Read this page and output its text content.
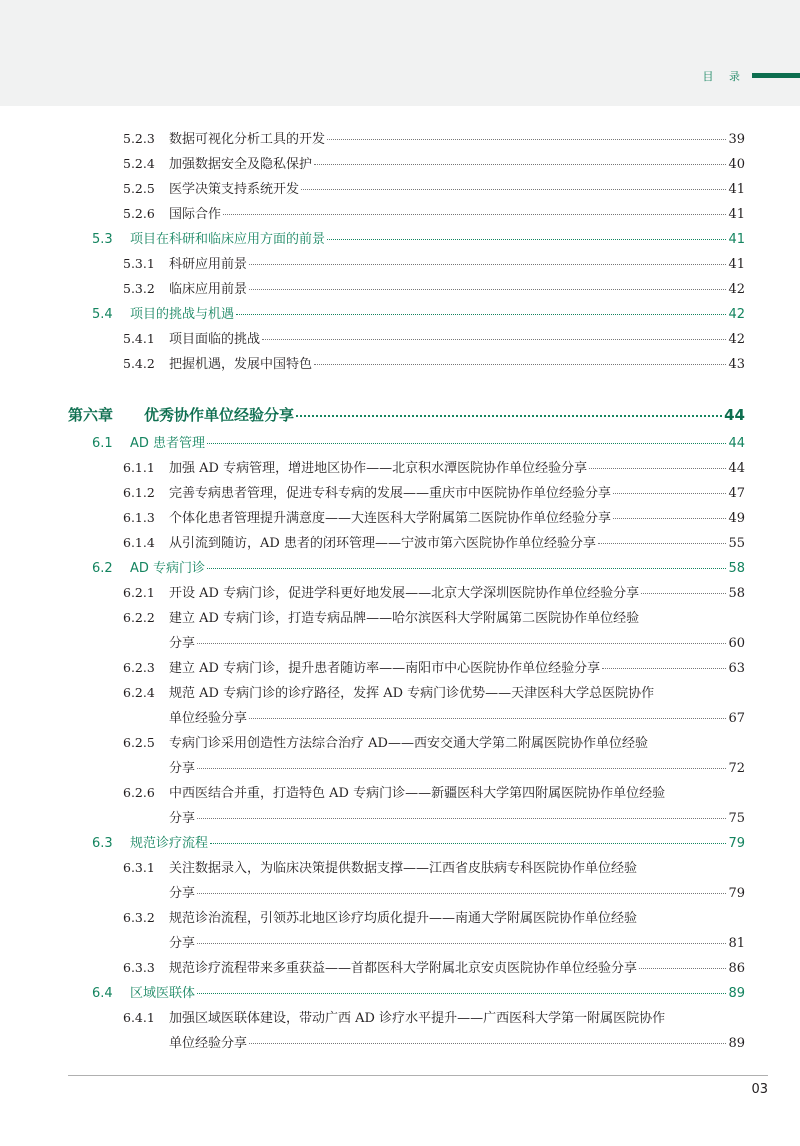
目 录
5.2.3	数据可视化分析工具的开发	39
5.2.4	加强数据安全及隐私保护	40
5.2.5	医学决策支持系统开发	41
5.2.6	国际合作	41
5.3	项目在科研和临床应用方面的前景	41
5.3.1	科研应用前景	41
5.3.2	临床应用前景	42
5.4	项目的挑战与机遇	42
5.4.1	项目面临的挑战	42
5.4.2	把握机遇，发展中国特色	43
第六章	优秀协作单位经验分享	44
6.1	AD 患者管理	44
6.1.1	加强 AD 专病管理，增进地区协作——北京积水潭医院协作单位经验分享	44
6.1.2	完善专病患者管理，促进专科专病的发展——重庆市中医院协作单位经验分享	47
6.1.3	个体化患者管理提升满意度——大连医科大学附属第二医院协作单位经验分享	49
6.1.4	从引流到随访，AD 患者的闭环管理——宁波市第六医院协作单位经验分享	55
6.2	AD 专病门诊	58
6.2.1	开设 AD 专病门诊，促进学科更好地发展——北京大学深圳医院协作单位经验分享	58
6.2.2	建立 AD 专病门诊，打造专病品牌——哈尔滨医科大学附属第二医院协作单位经验
分享	60
6.2.3	建立 AD 专病门诊，提升患者随访率——南阳市中心医院协作单位经验分享	63
6.2.4	规范 AD 专病门诊的诊疗路径，发挥 AD 专病门诊优势——天津医科大学总医院协作
单位经验分享	67
6.2.5	专病门诊采用创造性方法综合治疗 AD——西安交通大学第二附属医院协作单位经验
分享	72
6.2.6	中西医结合并重，打造特色 AD 专病门诊——新疆医科大学第四附属医院协作单位经验
分享	75
6.3	规范诊疗流程	79
6.3.1	关注数据录入，为临床决策提供数据支撑——江西省皮肤病专科医院协作单位经验
分享	79
6.3.2	规范诊治流程，引领苏北地区诊疗均质化提升——南通大学附属医院协作单位经验
分享	81
6.3.3	规范诊疗流程带来多重获益——首都医科大学附属北京安贞医院协作单位经验分享	86
6.4	区域医联体	89
6.4.1	加强区域医联体建设，带动广西 AD 诊疗水平提升——广西医科大学第一附属医院协作
单位经验分享	89
03
